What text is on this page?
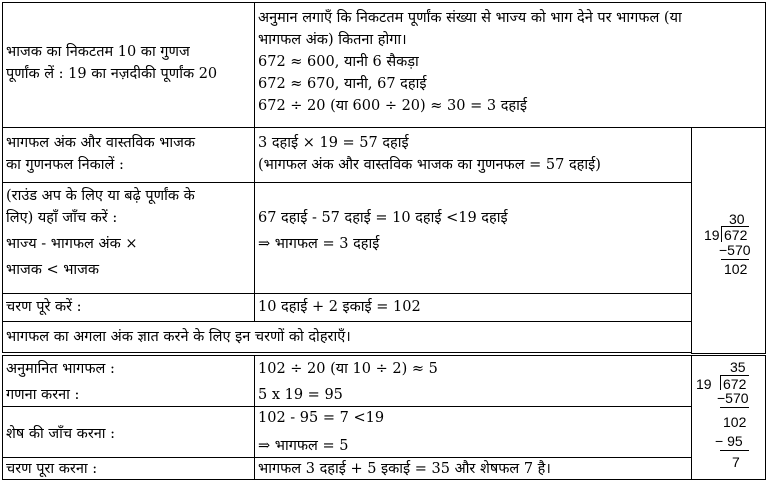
भाजक का निकटतम 10 का गुणज
पूर्णांक लें : 19 का नज़दीकी पूर्णांक 20
अनुमान लगाएँ कि निकटतम पूर्णांक संख्या से भाज्य को भाग देने पर भागफल (या
भागफल अंक) कितना होगा।
672 ≈ 600, यानी 6 सैकड़ा
672 ≈ 670, यानी, 67 दहाई
672 ÷ 20 (या 600 ÷ 20) ≈ 30 = 3 दहाई
भागफल अंक और वास्तविक भाजक
का गुणनफल निकालें :
3 दहाई × 19 = 57 दहाई
(भागफल अंक और वास्तविक भाजक का गुणनफल = 57 दहाई)
(राउंड अप के लिए या बढ़े पूर्णांक के
लिए) यहाँ जाँच करें :
भाज्य - भागफल अंक ×
भाजक < भाजक
67 दहाई - 57 दहाई = 10 दहाई <19 दहाई
⇒ भागफल = 3 दहाई
चरण पूरे करें :	10 दहाई + 2 इकाई = 102
भागफल का अगला अंक ज्ञात करने के लिए इन चरणों को दोहराएँ।
30
19 672
−570
102
अनुमानित भागफल :
गणना करना :
102 ÷ 20 (या 10 ÷ 2) ≈ 5
5 x 19 = 95
शेष की जाँच करना :
102 - 95 = 7 <19
⇒ भागफल = 5
चरण पूरा करना :	भागफल 3 दहाई + 5 इकाई = 35 और शेषफल 7 है।
35
19 672
−570
102
− 95
7
